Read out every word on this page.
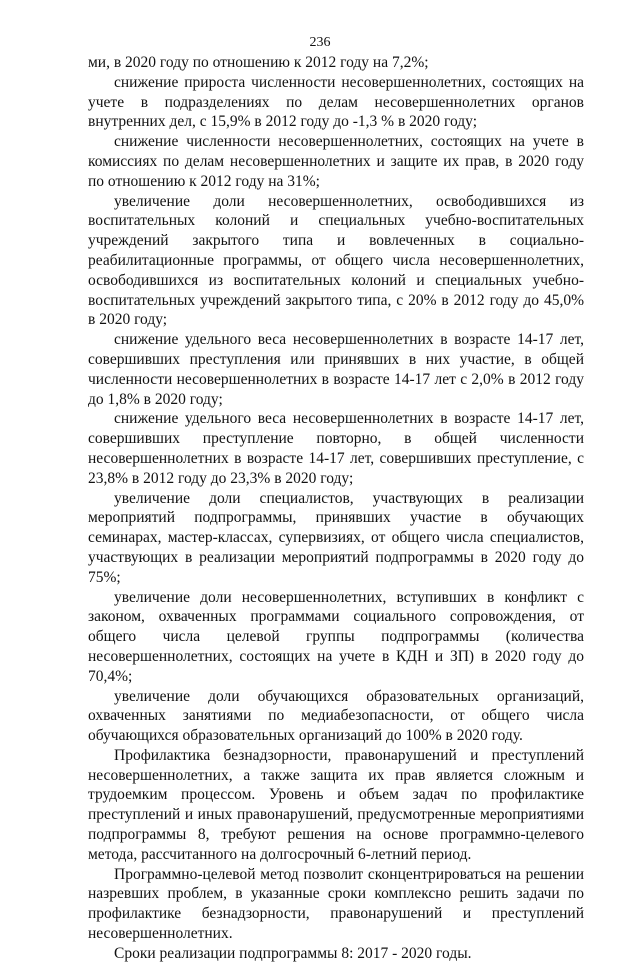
236

ми, в 2020 году по отношению к 2012 году на 7,2%;

снижение прироста численности несовершеннолетних, состоящих на учете в подразделениях по делам несовершеннолетних органов внутренних дел, с 15,9% в 2012 году до -1,3 % в 2020 году;

снижение численности несовершеннолетних, состоящих на учете в комиссиях по делам несовершеннолетних и защите их прав, в 2020 году по отношению к 2012 году на 31%;

увеличение доли несовершеннолетних, освободившихся из воспитательных колоний и специальных учебно-воспитательных учреждений закрытого типа и вовлеченных в социально-реабилитационные программы, от общего числа несовершеннолетних, освободившихся из воспитательных колоний и специальных учебно-воспитательных учреждений закрытого типа, с 20% в 2012 году до 45,0% в 2020 году;

снижение удельного веса несовершеннолетних в возрасте 14-17 лет, совершивших преступления или принявших в них участие, в общей численности несовершеннолетних в возрасте 14-17 лет с 2,0% в 2012 году до 1,8% в 2020 году;

снижение удельного веса несовершеннолетних в возрасте 14-17 лет, совершивших преступление повторно, в общей численности несовершеннолетних в возрасте 14-17 лет, совершивших преступление, с 23,8% в 2012 году до 23,3% в 2020 году;

увеличение доли специалистов, участвующих в реализации мероприятий подпрограммы, принявших участие в обучающих семинарах, мастер-классах, супервизиях, от общего числа специалистов, участвующих в реализации мероприятий подпрограммы в 2020 году до 75%;

увеличение доли несовершеннолетних, вступивших в конфликт с законом, охваченных программами социального сопровождения, от общего числа целевой группы подпрограммы (количества несовершеннолетних, состоящих на учете в КДН и ЗП) в 2020 году до 70,4%;

увеличение доли обучающихся образовательных организаций, охваченных занятиями по медиабезопасности, от общего числа обучающихся образовательных организаций до 100% в 2020 году.

Профилактика безнадзорности, правонарушений и преступлений несовершеннолетних, а также защита их прав является сложным и трудоемким процессом. Уровень и объем задач по профилактике преступлений и иных правонарушений, предусмотренные мероприятиями подпрограммы 8, требуют решения на основе программно-целевого метода, рассчитанного на долгосрочный 6-летний период.

Программно-целевой метод позволит сконцентрироваться на решении назревших проблем, в указанные сроки комплексно решить задачи по профилактике безнадзорности, правонарушений и преступлений несовершеннолетних.

Сроки реализации подпрограммы 8: 2017 - 2020 годы.
